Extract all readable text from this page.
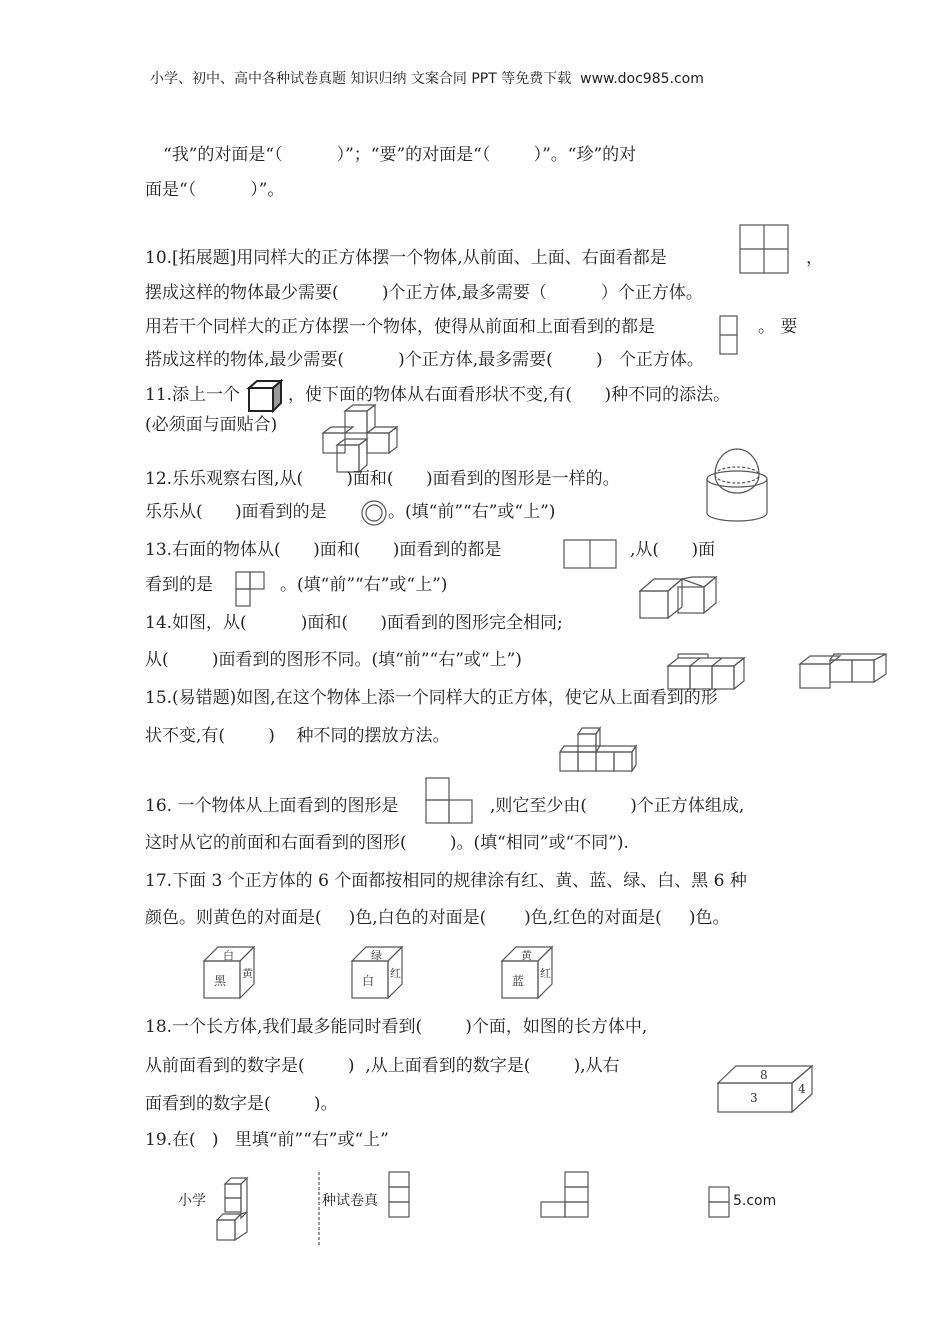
小学、初中、高中各种试卷真题 知识归纳 文案合同 PPT 等免费下载  www.doc985.com
“我”的对面是“（          ）”；“要”的对面是“（        ）”。“珍”的对
面是“（          ）”。
10.[拓展题]用同样大的正方体摆一个物体,从前面、上面、右面看都是	，
摆成这样的物体最少需要(        )个正方体,最多需要（          ）个正方体。
用若干个同样大的正方体摆一个物体，使得从前面和上面看到的都是	。 要
搭成这样的物体,最少需要(          )个正方体,最多需要(        )   个正方体。
11.添上一个	，使下面的物体从右面看形状不变,有(      )种不同的添法。
(必须面与面贴合)
12.乐乐观察右图,从(        )面和(      )面看到的图形是一样的。
乐乐从(      )面看到的是	。(填“前”“右”或“上”)
13.右面的物体从(      )面和(      )面看到的都是	,从(      )面
看到的是	。(填“前”“右”或“上”)
14.如图，从(          )面和(      )面看到的图形完全相同;
从(        )面看到的图形不同。(填“前”“右”或“上”)
15.(易错题)如图,在这个物体上添一个同样大的正方体，使它从上面看到的形
状不变,有(        )    种不同的摆放方法。
16. 一个物体从上面看到的图形是	,则它至少由(        )个正方体组成,
这时从它的前面和右面看到的图形(        )。(填“相同”或“不同”).
17.下面 3 个正方体的 6 个面都按相同的规律涂有红、黄、蓝、绿、白、黑 6 种
颜色。则黄色的对面是(     )色,白色的对面是(       )色,红色的对面是(     )色。
白
黑
黄
绿
白
红
黄
蓝
红
18.一个长方体,我们最多能同时看到(        )个面，如图的长方体中,
从前面看到的数字是(        )  ,从上面看到的数字是(        ),从右
面看到的数字是(        )。
8
3
4
19.在(   )   里填“前”“右”或“上”
小学	种试卷真	5.com
